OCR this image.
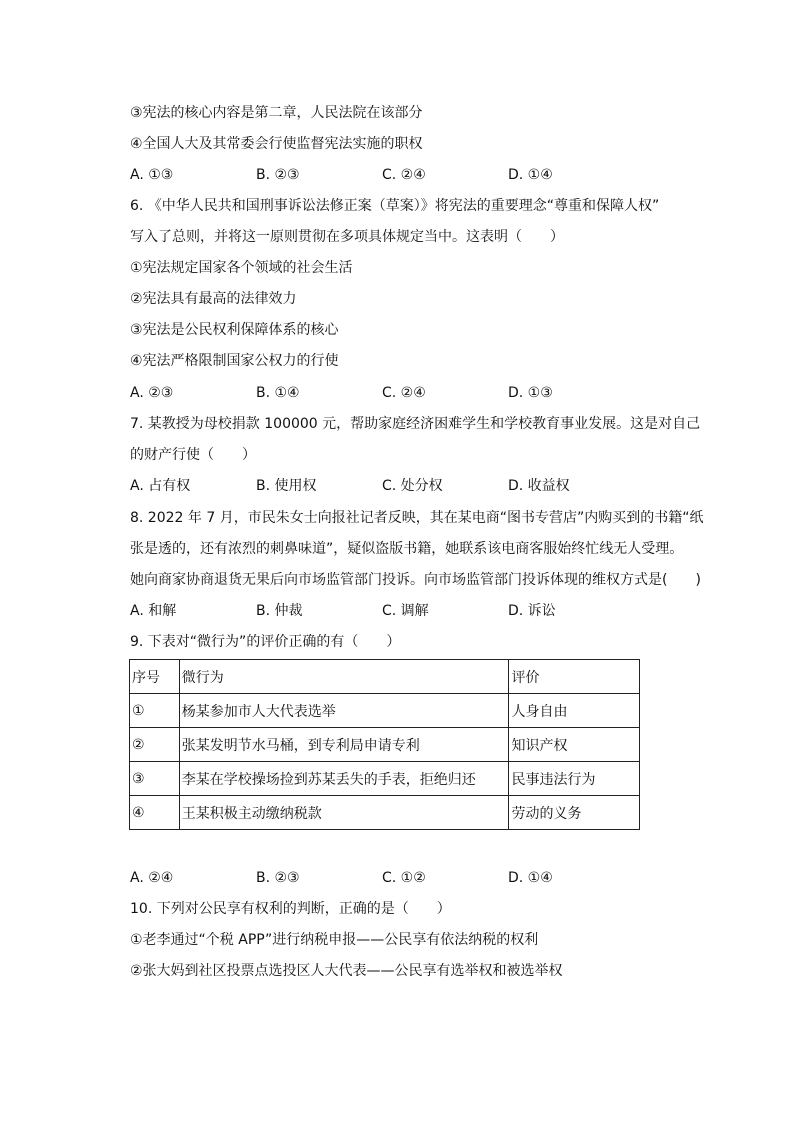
③宪法的核心内容是第二章，人民法院在该部分
④全国人大及其常委会行使监督宪法实施的职权
A. ①③	B. ②③	C. ②④	D. ①④
6. 《中华人民共和国刑事诉讼法修正案（草案）》将宪法的重要理念“尊重和保障人权”
写入了总则，并将这一原则贯彻在多项具体规定当中。这表明（　　）
①宪法规定国家各个领域的社会生活
②宪法具有最高的法律效力
③宪法是公民权利保障体系的核心
④宪法严格限制国家公权力的行使
A. ②③	B. ①④	C. ②④	D. ①③
7. 某教授为母校捐款 100000 元，帮助家庭经济困难学生和学校教育事业发展。这是对自己
的财产行使（　　）
A. 占有权	B. 使用权	C. 处分权	D. 收益权
8. 2022 年 7 月，市民朱女士向报社记者反映，其在某电商“图书专营店”内购买到的书籍“纸
张是透的，还有浓烈的刺鼻味道”，疑似盗版书籍，她联系该电商客服始终忙线无人受理。
她向商家协商退货无果后向市场监管部门投诉。向市场监管部门投诉体现的维权方式是(　　)
A. 和解	B. 仲裁	C. 调解	D. 诉讼
9. 下表对“微行为”的评价正确的有（　　）
序号	微行为	评价
①	杨某参加市人大代表选举	人身自由
②	张某发明节水马桶，到专利局申请专利	知识产权
③	李某在学校操场捡到苏某丢失的手表，拒绝归还	民事违法行为
④	王某积极主动缴纳税款	劳动的义务
A. ②④	B. ②③	C. ①②	D. ①④
10. 下列对公民享有权利的判断，正确的是（　　）
①老李通过“个税 APP”进行纳税申报——公民享有依法纳税的权利
②张大妈到社区投票点选投区人大代表——公民享有选举权和被选举权
